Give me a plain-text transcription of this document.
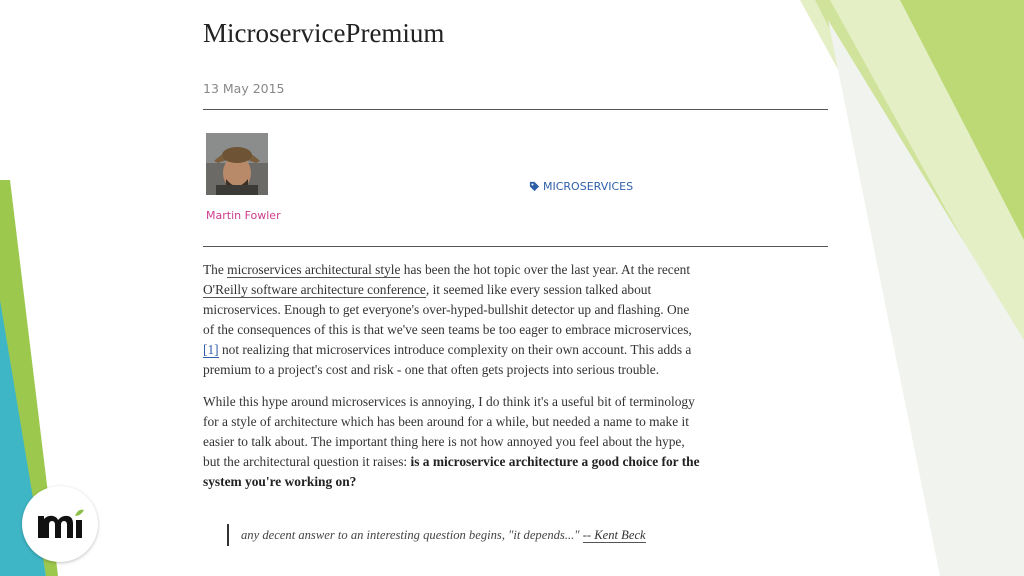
MicroservicePremium
13 May 2015
Martin Fowler
MICROSERVICES

The microservices architectural style has been the hot topic over the last year. At the recent O'Reilly software architecture conference, it seemed like every session talked about microservices. Enough to get everyone's over-hyped-bullshit detector up and flashing. One of the consequences of this is that we've seen teams be too eager to embrace microservices, [1] not realizing that microservices introduce complexity on their own account. This adds a premium to a project's cost and risk - one that often gets projects into serious trouble.

While this hype around microservices is annoying, I do think it's a useful bit of terminology for a style of architecture which has been around for a while, but needed a name to make it easier to talk about. The important thing here is not how annoyed you feel about the hype, but the architectural question it raises: is a microservice architecture a good choice for the system you're working on?

any decent answer to an interesting question begins, "it depends..." -- Kent Beck
